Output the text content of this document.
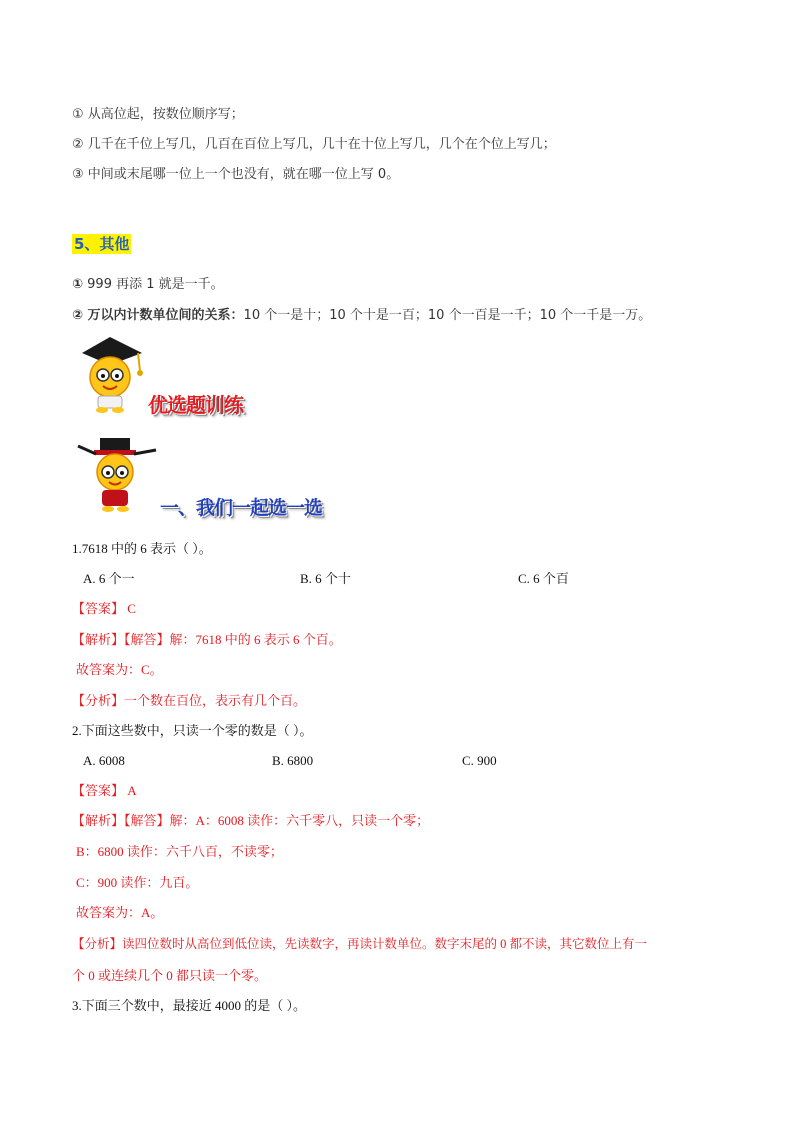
① 从高位起，按数位顺序写；
② 几千在千位上写几，几百在百位上写几，几十在十位上写几，几个在个位上写几；
③ 中间或末尾哪一位上一个也没有，就在哪一位上写 0。
5、其他
① 999 再添 1 就是一千。
② 万以内计数单位间的关系：10 个一是十；10 个十是一百；10 个一百是一千；10 个一千是一万。
优选题训练
一、我们一起选一选
1.7618 中的 6 表示（ ）。
A. 6 个一	B. 6 个十	C. 6 个百
【答案】 C
【解析】【解答】解：7618 中的 6 表示 6 个百。
故答案为：C。
【分析】一个数在百位，表示有几个百。
2.下面这些数中，只读一个零的数是（ ）。
A. 6008	B. 6800	C. 900
【答案】 A
【解析】【解答】解：A：6008 读作：六千零八，只读一个零；
B：6800 读作：六千八百，不读零；
C：900 读作：九百。
故答案为：A。
【分析】读四位数时从高位到低位读，先读数字，再读计数单位。数字末尾的 0 都不读，其它数位上有一
个 0 或连续几个 0 都只读一个零。
3.下面三个数中，最接近 4000 的是（ ）。
